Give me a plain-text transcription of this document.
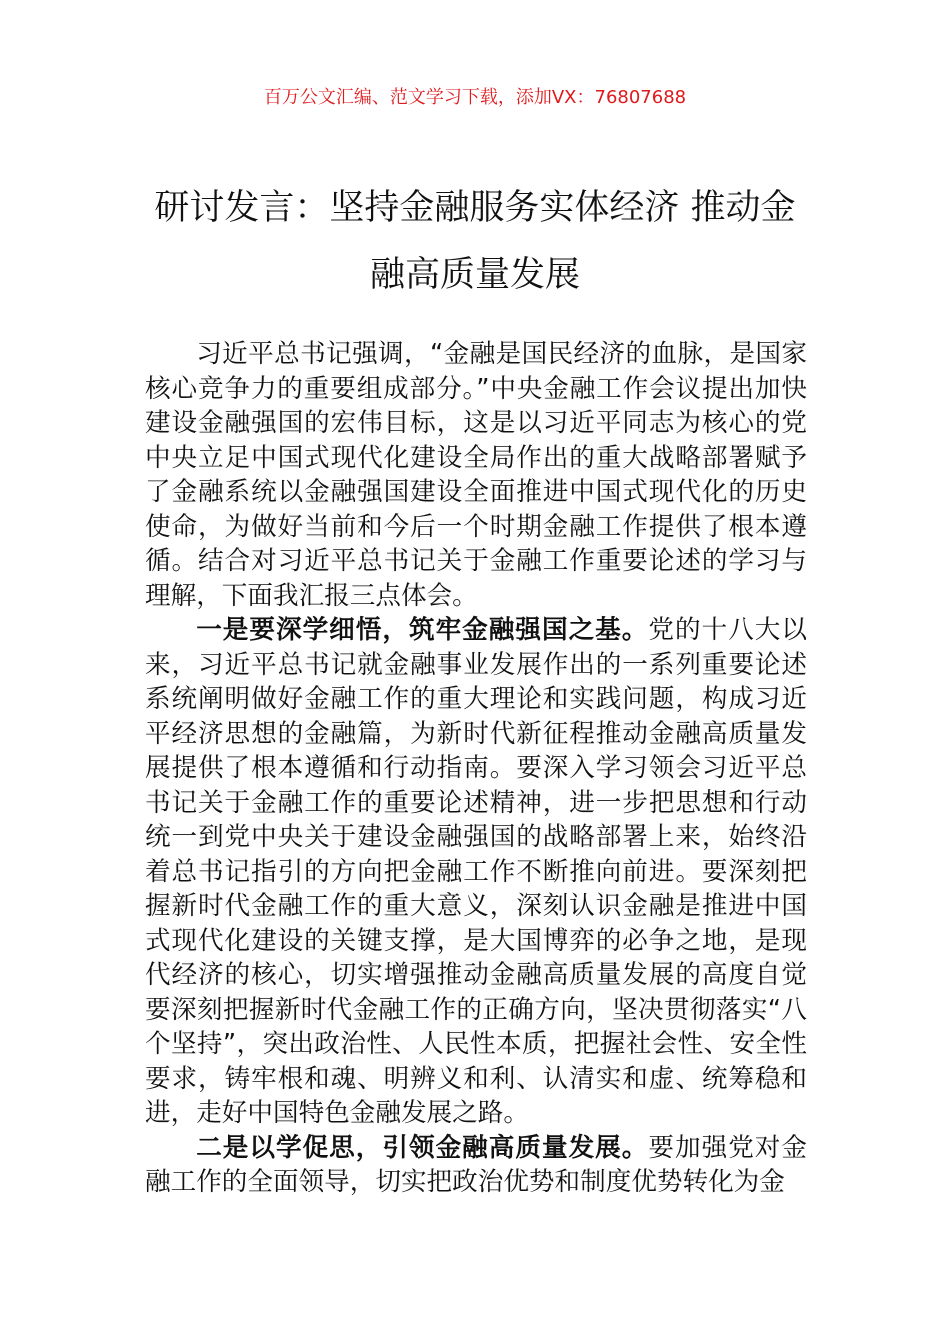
百万公文汇编、范文学习下载，添加VX：76807688
研讨发言：坚持金融服务实体经济 推动金融高质量发展

习近平总书记强调，“金融是国民经济的血脉，是国家核心竞争力的重要组成部分。”中央金融工作会议提出加快建设金融强国的宏伟目标，这是以习近平同志为核心的党中央立足中国式现代化建设全局作出的重大战略部署赋予了金融系统以金融强国建设全面推进中国式现代化的历史使命，为做好当前和今后一个时期金融工作提供了根本遵循。结合对习近平总书记关于金融工作重要论述的学习与理解，下面我汇报三点体会。

一是要深学细悟，筑牢金融强国之基。党的十八大以来，习近平总书记就金融事业发展作出的一系列重要论述系统阐明做好金融工作的重大理论和实践问题，构成习近平经济思想的金融篇，为新时代新征程推动金融高质量发展提供了根本遵循和行动指南。要深入学习领会习近平总书记关于金融工作的重要论述精神，进一步把思想和行动统一到党中央关于建设金融强国的战略部署上来，始终沿着总书记指引的方向把金融工作不断推向前进。要深刻把握新时代金融工作的重大意义，深刻认识金融是推进中国式现代化建设的关键支撑，是大国博弈的必争之地，是现代经济的核心，切实增强推动金融高质量发展的高度自觉要深刻把握新时代金融工作的正确方向，坚决贯彻落实“八个坚持”，突出政治性、人民性本质，把握社会性、安全性要求，铸牢根和魂、明辨义和利、认清实和虚、统筹稳和进，走好中国特色金融发展之路。

二是以学促思，引领金融高质量发展。要加强党对金融工作的全面领导，切实把政治优势和制度优势转化为金
